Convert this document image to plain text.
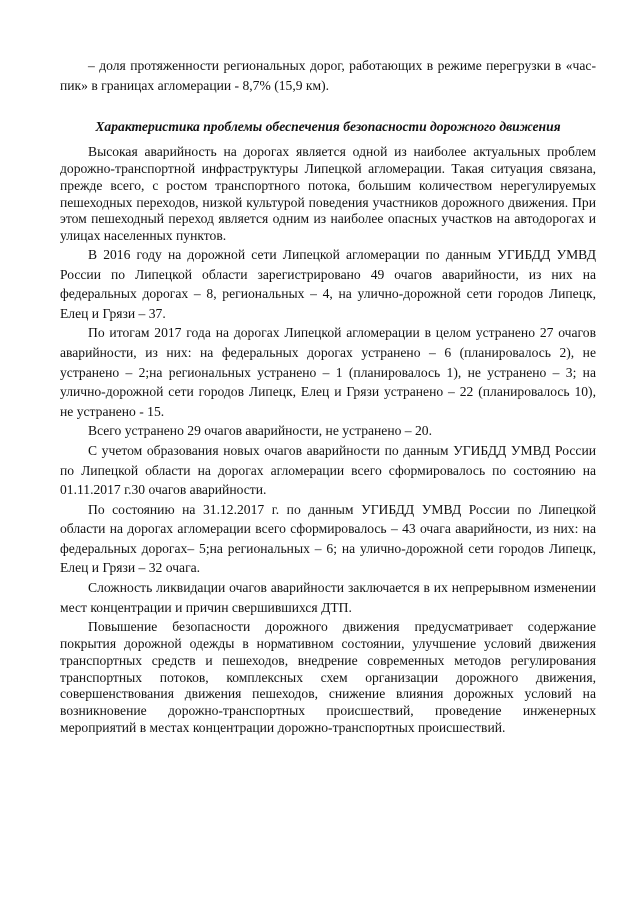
– доля протяженности региональных дорог, работающих в режиме перегрузки в «час-пик» в границах агломерации - 8,7% (15,9 км).

Характеристика проблемы обеспечения безопасности дорожного движения

Высокая аварийность на дорогах является одной из наиболее актуальных проблем дорожно-транспортной инфраструктуры Липецкой агломерации. Такая ситуация связана, прежде всего, с ростом транспортного потока, большим количеством нерегулируемых пешеходных переходов, низкой культурой поведения участников дорожного движения. При этом пешеходный переход является одним из наиболее опасных участков на автодорогах и улицах населенных пунктов.

В 2016 году на дорожной сети Липецкой агломерации по данным УГИБДД УМВД России по Липецкой области зарегистрировано 49 очагов аварийности, из них на федеральных дорогах – 8, региональных – 4, на улично-дорожной сети городов Липецк, Елец и Грязи – 37.

По итогам 2017 года на дорогах Липецкой агломерации в целом устранено 27 очагов аварийности, из них: на федеральных дорогах устранено – 6 (планировалось 2), не устранено – 2;на региональных устранено – 1 (планировалось 1), не устранено – 3; на улично-дорожной сети городов Липецк, Елец и Грязи устранено – 22 (планировалось 10), не устранено - 15.

Всего устранено 29 очагов аварийности, не устранено – 20.

С учетом образования новых очагов аварийности по данным УГИБДД УМВД России по Липецкой области на дорогах агломерации всего сформировалось по состоянию на 01.11.2017 г.30 очагов аварийности.

По состоянию на 31.12.2017 г. по данным УГИБДД УМВД России по Липецкой области на дорогах агломерации всего сформировалось – 43 очага аварийности, из них: на федеральных дорогах– 5;на региональных – 6; на улично-дорожной сети городов Липецк, Елец и Грязи – 32 очага.

Сложность ликвидации очагов аварийности заключается в их непрерывном изменении мест концентрации и причин свершившихся ДТП.

Повышение безопасности дорожного движения предусматривает содержание покрытия дорожной одежды в нормативном состоянии, улучшение условий движения транспортных средств и пешеходов, внедрение современных методов регулирования транспортных потоков, комплексных схем организации дорожного движения, совершенствования движения пешеходов, снижение влияния дорожных условий на возникновение дорожно-транспортных происшествий, проведение инженерных мероприятий в местах концентрации дорожно-транспортных происшествий.
